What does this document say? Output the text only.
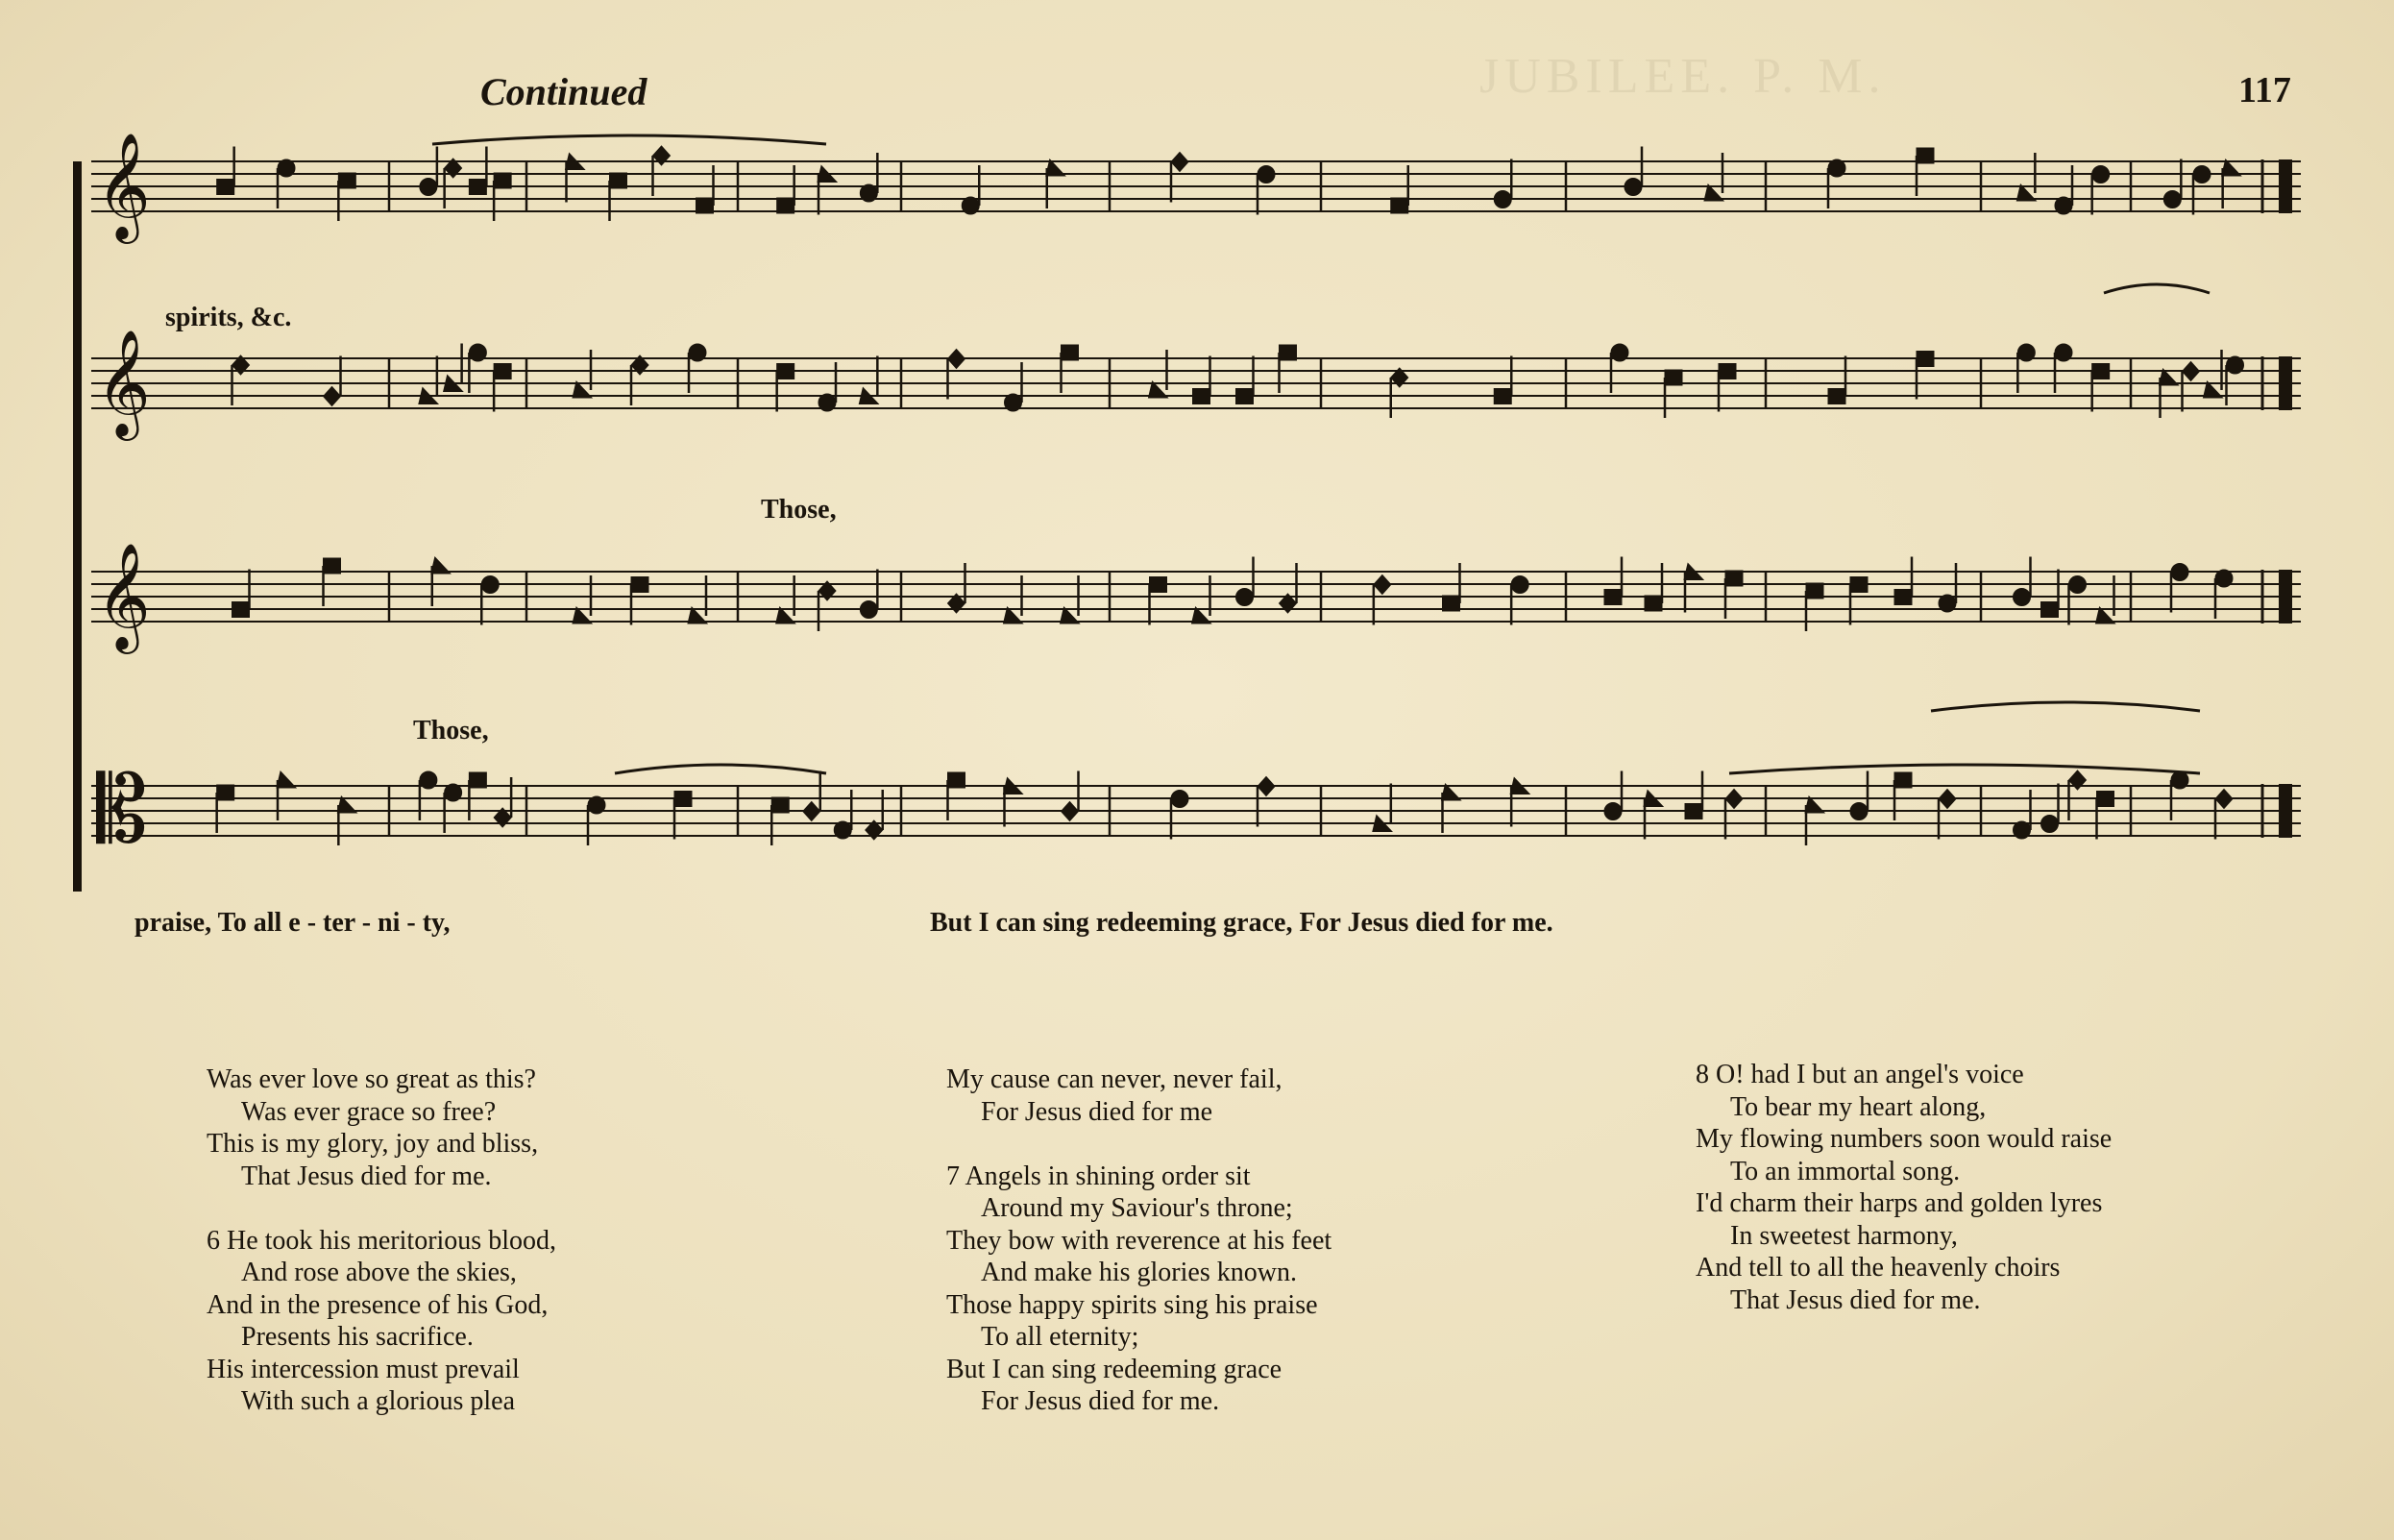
JUBILEE. P. M.
Continued	117
𝄞
𝄞
𝄞
𝄡
spirits, &c.
Those,
Those,
praise, To all e - ter - ni - ty,	But I can sing redeeming grace, For Jesus died for me.
Was ever love so great as this?
Was ever grace so free?
This is my glory, joy and bliss,
That Jesus died for me.
6 He took his meritorious blood,
And rose above the skies,
And in the presence of his God,
Presents his sacrifice.
His intercession must prevail
With such a glorious plea
My cause can never, never fail,
For Jesus died for me
7 Angels in shining order sit
Around my Saviour's throne;
They bow with reverence at his feet
And make his glories known.
Those happy spirits sing his praise
To all eternity;
But I can sing redeeming grace
For Jesus died for me.
8 O! had I but an angel's voice
To bear my heart along,
My flowing numbers soon would raise
To an immortal song.
I'd charm their harps and golden lyres
In sweetest harmony,
And tell to all the heavenly choirs
That Jesus died for me.
